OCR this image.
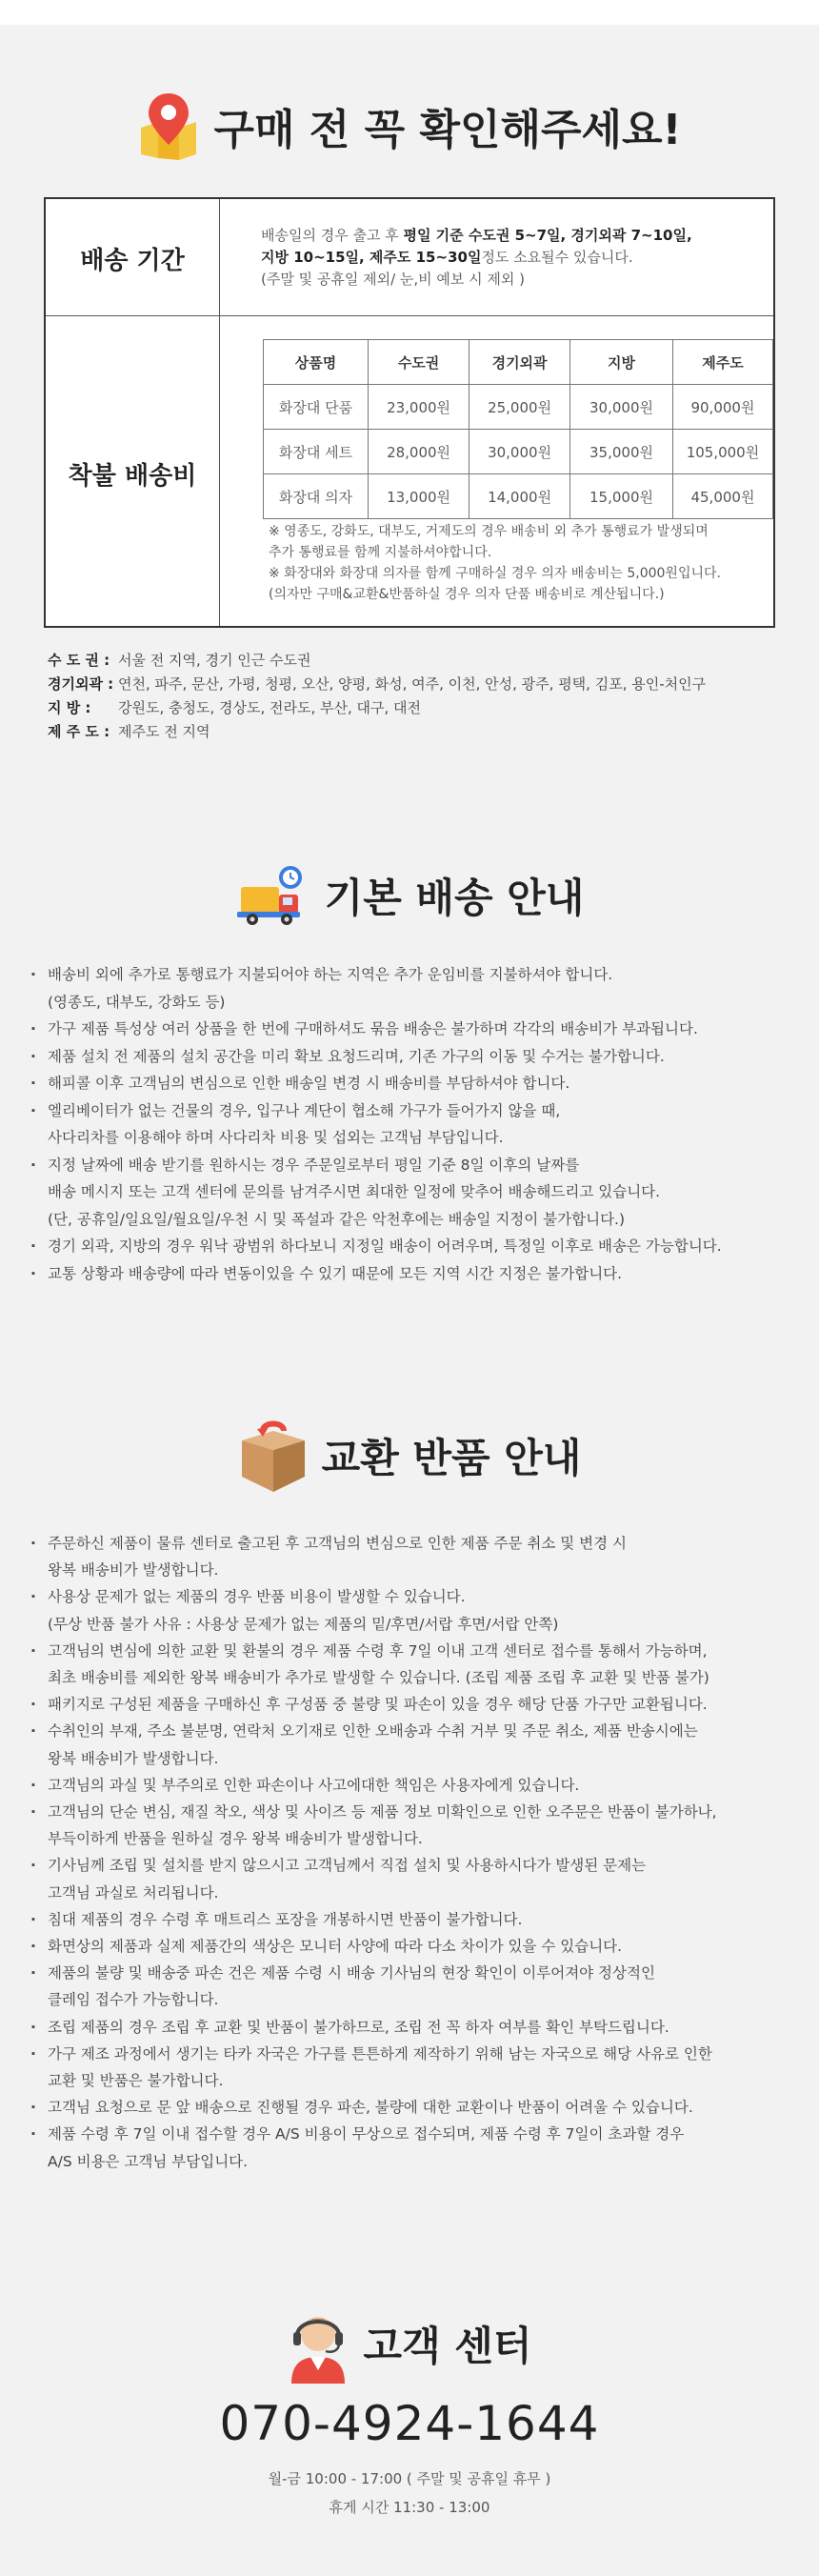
구매 전 꼭 확인해주세요!
배송 기간
배송일의 경우 출고 후 평일 기준 수도권 5~7일, 경기외곽 7~10일,
지방 10~15일, 제주도 15~30일정도 소요될수 있습니다.
(주말 및 공휴일 제외/ 눈,비 예보 시 제외 )
착불 배송비
상품명	수도권	경기외곽	지방	제주도
화장대 단품	23,000원	25,000원	30,000원	90,000원
화장대 세트	28,000원	30,000원	35,000원	105,000원
화장대 의자	13,000원	14,000원	15,000원	45,000원
※ 영종도, 강화도, 대부도, 거제도의 경우 배송비 외 추가 통행료가 발생되며
추가 통행료를 함께 지불하셔야합니다.
※ 화장대와 화장대 의자를 함께 구매하실 경우 의자 배송비는 5,000원입니다.
(의자만 구매&교환&반품하실 경우 의자 단품 배송비로 계산됩니다.)
수 도 권 : 서울 전 지역, 경기 인근 수도권
경기외곽 : 연천, 파주, 문산, 가평, 청평, 오산, 양평, 화성, 여주, 이천, 안성, 광주, 평택, 김포, 용인-처인구
지 방 : 강원도, 충청도, 경상도, 전라도, 부산, 대구, 대전
제 주 도 : 제주도 전 지역
기본 배송 안내
· 배송비 외에 추가로 통행료가 지불되어야 하는 지역은 추가 운임비를 지불하셔야 합니다.
(영종도, 대부도, 강화도 등)
· 가구 제품 특성상 여러 상품을 한 번에 구매하셔도 묶음 배송은 불가하며 각각의 배송비가 부과됩니다.
· 제품 설치 전 제품의 설치 공간을 미리 확보 요청드리며, 기존 가구의 이동 및 수거는 불가합니다.
· 해피콜 이후 고객님의 변심으로 인한 배송일 변경 시 배송비를 부담하셔야 합니다.
· 엘리베이터가 없는 건물의 경우, 입구나 계단이 협소해 가구가 들어가지 않을 때,
사다리차를 이용해야 하며 사다리차 비용 및 섭외는 고객님 부담입니다.
· 지정 날짜에 배송 받기를 원하시는 경우 주문일로부터 평일 기준 8일 이후의 날짜를
배송 메시지 또는 고객 센터에 문의를 남겨주시면 최대한 일정에 맞추어 배송해드리고 있습니다.
(단, 공휴일/일요일/월요일/우천 시 및 폭설과 같은 악천후에는 배송일 지정이 불가합니다.)
· 경기 외곽, 지방의 경우 워낙 광범위 하다보니 지정일 배송이 어려우며, 특정일 이후로 배송은 가능합니다.
· 교통 상황과 배송량에 따라 변동이있을 수 있기 때문에 모든 지역 시간 지정은 불가합니다.
교환 반품 안내
· 주문하신 제품이 물류 센터로 출고된 후 고객님의 변심으로 인한 제품 주문 취소 및 변경 시
왕복 배송비가 발생합니다.
· 사용상 문제가 없는 제품의 경우 반품 비용이 발생할 수 있습니다.
(무상 반품 불가 사유 : 사용상 문제가 없는 제품의 밑/후면/서랍 후면/서랍 안쪽)
· 고객님의 변심에 의한 교환 및 환불의 경우 제품 수령 후 7일 이내 고객 센터로 접수를 통해서 가능하며,
최초 배송비를 제외한 왕복 배송비가 추가로 발생할 수 있습니다. (조립 제품 조립 후 교환 및 반품 불가)
· 패키지로 구성된 제품을 구매하신 후 구성품 중 불량 및 파손이 있을 경우 해당 단품 가구만 교환됩니다.
· 수취인의 부재, 주소 불분명, 연락처 오기재로 인한 오배송과 수취 거부 및 주문 취소, 제품 반송시에는
왕복 배송비가 발생합니다.
· 고객님의 과실 및 부주의로 인한 파손이나 사고에대한 책임은 사용자에게 있습니다.
· 고객님의 단순 변심, 재질 착오, 색상 및 사이즈 등 제품 정보 미확인으로 인한 오주문은 반품이 불가하나,
부득이하게 반품을 원하실 경우 왕복 배송비가 발생합니다.
· 기사님께 조립 및 설치를 받지 않으시고 고객님께서 직접 설치 및 사용하시다가 발생된 문제는
고객님 과실로 처리됩니다.
· 침대 제품의 경우 수령 후 매트리스 포장을 개봉하시면 반품이 불가합니다.
· 화면상의 제품과 실제 제품간의 색상은 모니터 사양에 따라 다소 차이가 있을 수 있습니다.
· 제품의 불량 및 배송중 파손 건은 제품 수령 시 배송 기사님의 현장 확인이 이루어져야 정상적인
클레임 접수가 가능합니다.
· 조립 제품의 경우 조립 후 교환 및 반품이 불가하므로, 조립 전 꼭 하자 여부를 확인 부탁드립니다.
· 가구 제조 과정에서 생기는 타카 자국은 가구를 튼튼하게 제작하기 위해 남는 자국으로 해당 사유로 인한
교환 및 반품은 불가합니다.
· 고객님 요청으로 문 앞 배송으로 진행될 경우 파손, 불량에 대한 교환이나 반품이 어려울 수 있습니다.
· 제품 수령 후 7일 이내 접수할 경우 A/S 비용이 무상으로 접수되며, 제품 수령 후 7일이 초과할 경우
A/S 비용은 고객님 부담입니다.
고객 센터
070-4924-1644
월-금 10:00 - 17:00 ( 주말 및 공휴일 휴무 )
휴게 시간 11:30 - 13:00
